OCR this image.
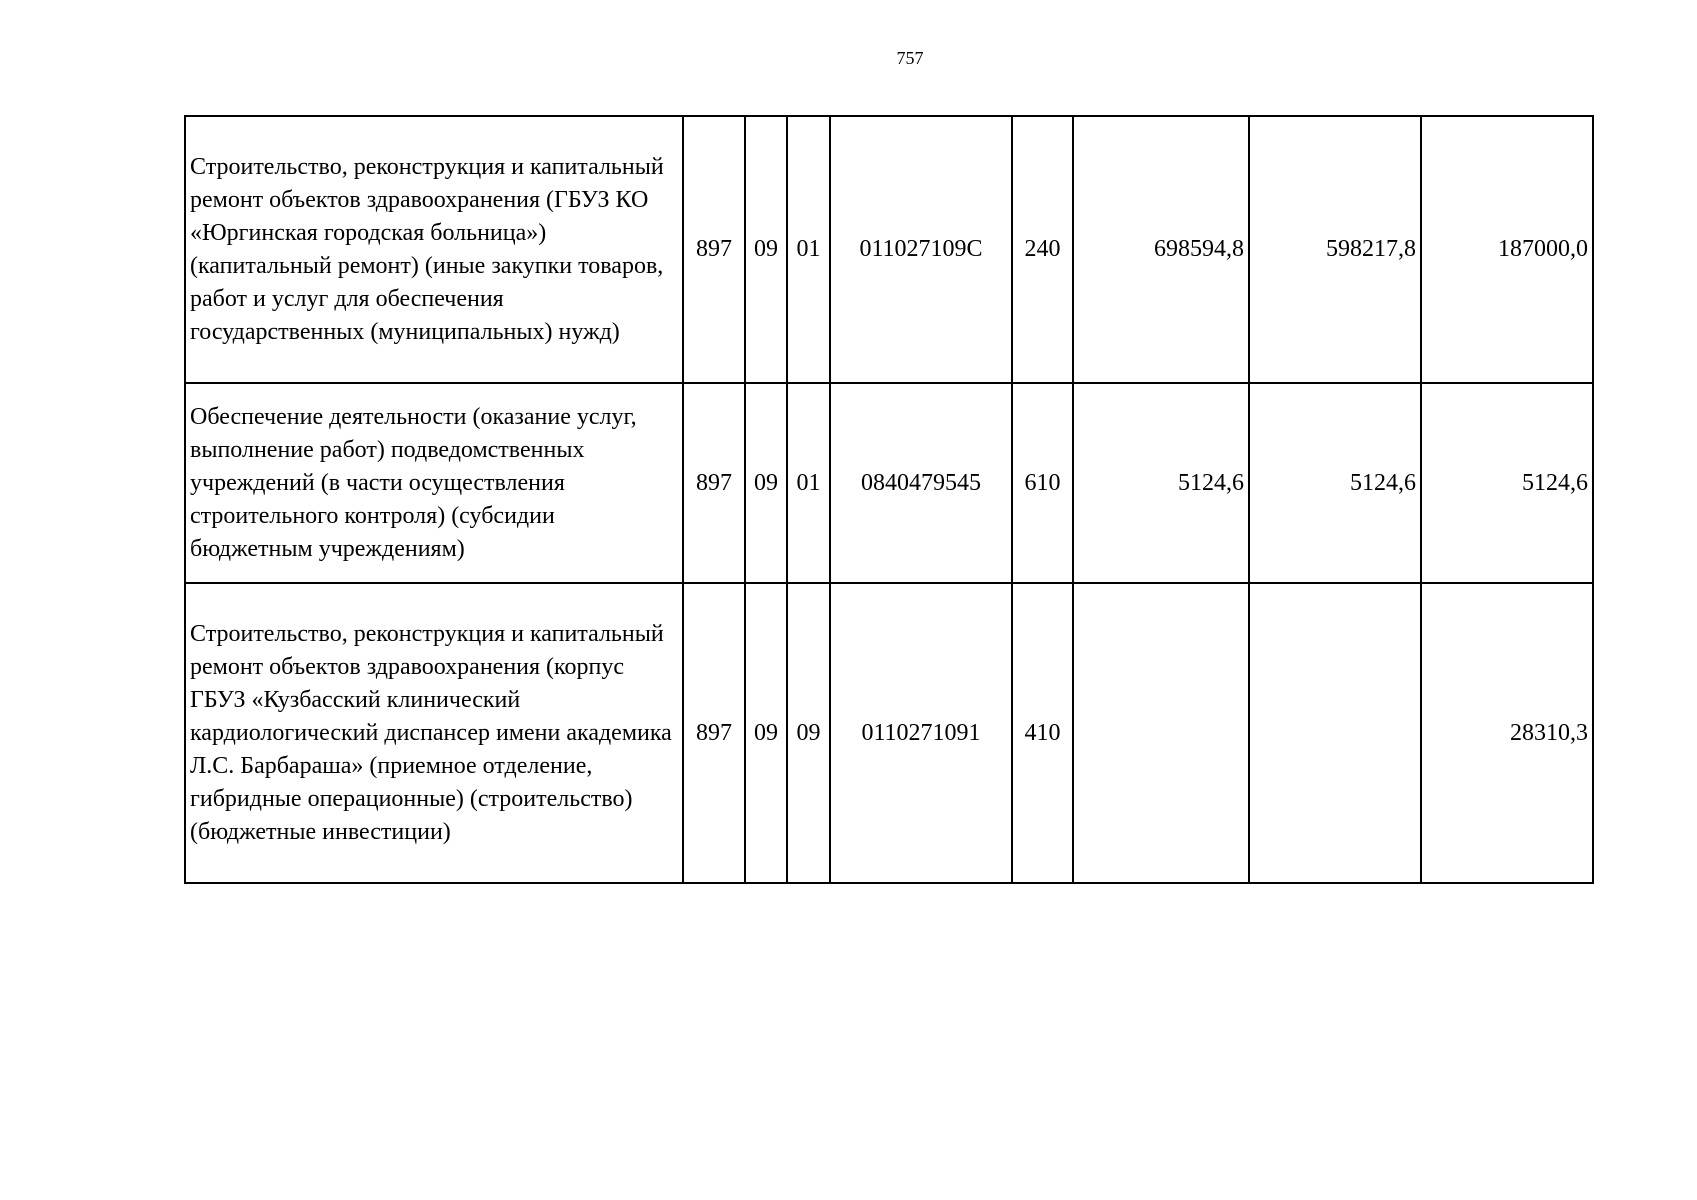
757
Строительство, реконструкция и капитальный ремонт объектов здравоохранения (ГБУЗ КО «Юргинская городская больница») (капитальный ремонт) (иные закупки товаров, работ и услуг для обеспечения государственных (муниципальных) нужд)	897	09	01	011027109С	240	698594,8	598217,8	187000,0
Обеспечение деятельности (оказание услуг, выполнение работ) подведомственных учреждений (в части осуществления строительного контроля) (субсидии бюджетным учреждениям)	897	09	01	0840479545	610	5124,6	5124,6	5124,6
Строительство, реконструкция и капитальный ремонт объектов здравоохранения (корпус ГБУЗ «Кузбасский клинический кардиологический диспансер имени академика Л.С. Барбараша» (приемное отделение, гибридные операционные) (строительство) (бюджетные инвестиции)	897	09	09	0110271091	410			28310,3
